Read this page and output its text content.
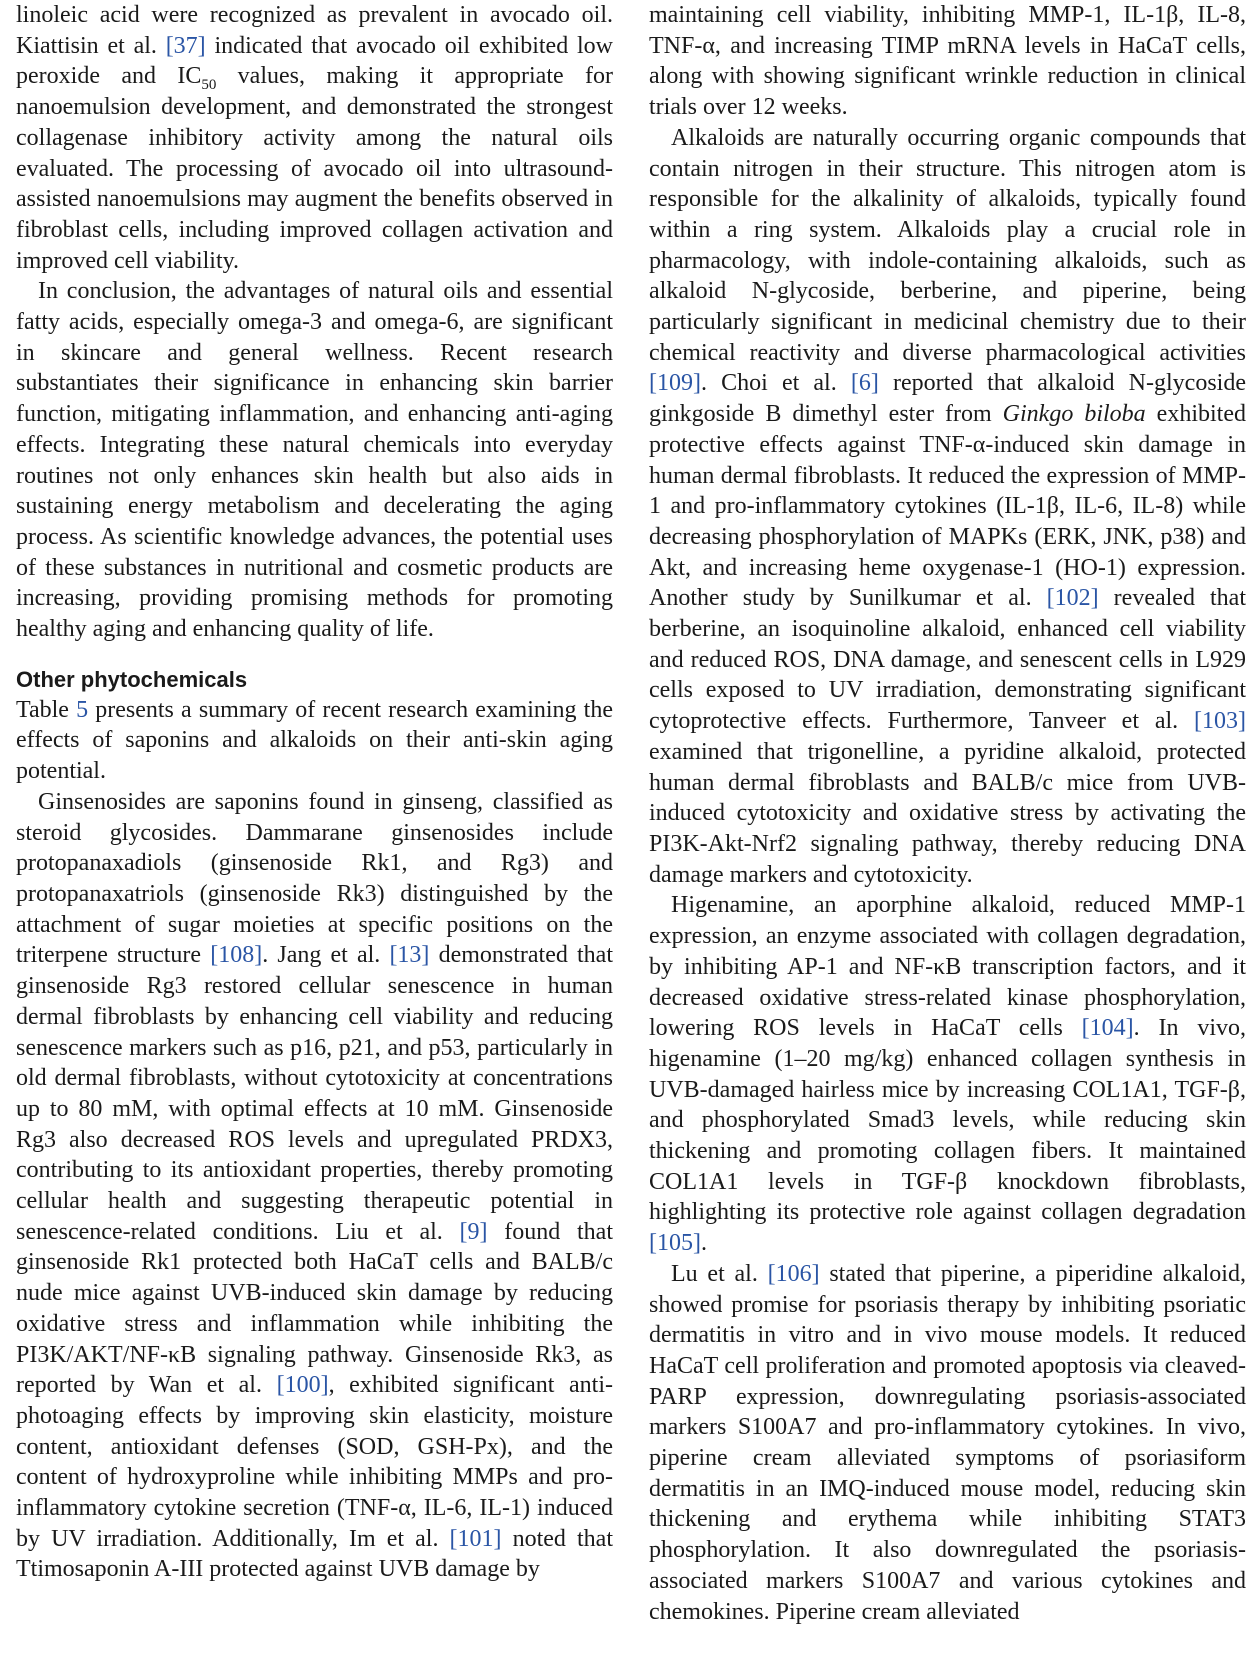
linoleic acid were recognized as prevalent in avocado oil. Kiattisin et al. [37] indicated that avocado oil exhibited low peroxide and $IC_{50}$ values, making it appropriate for nanoemulsion development, and demonstrated the strongest collagenase inhibitory activity among the natural oils evaluated. The processing of avocado oil into ultrasound-assisted nanoemulsions may augment the benefits observed in fibroblast cells, including improved collagen activation and improved cell viability.

In conclusion, the advantages of natural oils and essential fatty acids, especially omega-3 and omega-6, are significant in skincare and general wellness. Recent research substantiates their significance in enhancing skin barrier function, mitigating inflammation, and enhancing anti-aging effects. Integrating these natural chemicals into everyday routines not only enhances skin health but also aids in sustaining energy metabolism and decelerating the aging process. As scientific knowledge advances, the potential uses of these substances in nutritional and cosmetic products are increasing, providing promising methods for promoting healthy aging and enhancing quality of life.

Other phytochemicals

Table 5 presents a summary of recent research examining the effects of saponins and alkaloids on their anti-skin aging potential.

Ginsenosides are saponins found in ginseng, classified as steroid glycosides. Dammarane ginsenosides include protopanaxadiols (ginsenoside Rk1, and Rg3) and protopanaxatriols (ginsenoside Rk3) distinguished by the attachment of sugar moieties at specific positions on the triterpene structure [108]. Jang et al. [13] demonstrated that ginsenoside Rg3 restored cellular senescence in human dermal fibroblasts by enhancing cell viability and reducing senescence markers such as p16, p21, and p53, particularly in old dermal fibroblasts, without cytotoxicity at concentrations up to 80 mM, with optimal effects at 10 mM. Ginsenoside Rg3 also decreased ROS levels and upregulated PRDX3, contributing to its antioxidant properties, thereby promoting cellular health and suggesting therapeutic potential in senescence-related conditions. Liu et al. [9] found that ginsenoside Rk1 protected both HaCaT cells and BALB/c nude mice against UVB-induced skin damage by reducing oxidative stress and inflammation while inhibiting the PI3K/AKT/NF-κB signaling pathway. Ginsenoside Rk3, as reported by Wan et al. [100], exhibited significant anti-photoaging effects by improving skin elasticity, moisture content, antioxidant defenses (SOD, GSH-Px), and the content of hydroxyproline while inhibiting MMPs and pro-inflammatory cytokine secretion (TNF-α, IL-6, IL-1) induced by UV irradiation. Additionally, Im et al. [101] noted that Ttimosaponin A-III protected against UVB damage by

maintaining cell viability, inhibiting MMP-1, IL-1β, IL-8, TNF-α, and increasing TIMP mRNA levels in HaCaT cells, along with showing significant wrinkle reduction in clinical trials over 12 weeks.

Alkaloids are naturally occurring organic compounds that contain nitrogen in their structure. This nitrogen atom is responsible for the alkalinity of alkaloids, typically found within a ring system. Alkaloids play a crucial role in pharmacology, with indole-containing alkaloids, such as alkaloid N-glycoside, berberine, and piperine, being particularly significant in medicinal chemistry due to their chemical reactivity and diverse pharmacological activities [109]. Choi et al. [6] reported that alkaloid N-glycoside ginkgoside B dimethyl ester from Ginkgo biloba exhibited protective effects against TNF-α-induced skin damage in human dermal fibroblasts. It reduced the expression of MMP-1 and pro-inflammatory cytokines (IL-1β, IL-6, IL-8) while decreasing phosphorylation of MAPKs (ERK, JNK, p38) and Akt, and increasing heme oxygenase-1 (HO-1) expression. Another study by Sunilkumar et al. [102] revealed that berberine, an isoquinoline alkaloid, enhanced cell viability and reduced ROS, DNA damage, and senescent cells in L929 cells exposed to UV irradiation, demonstrating significant cytoprotective effects. Furthermore, Tanveer et al. [103] examined that trigonelline, a pyridine alkaloid, protected human dermal fibroblasts and BALB/c mice from UVB-induced cytotoxicity and oxidative stress by activating the PI3K-Akt-Nrf2 signaling pathway, thereby reducing DNA damage markers and cytotoxicity.

Higenamine, an aporphine alkaloid, reduced MMP-1 expression, an enzyme associated with collagen degradation, by inhibiting AP-1 and NF-κB transcription factors, and it decreased oxidative stress-related kinase phosphorylation, lowering ROS levels in HaCaT cells [104]. In vivo, higenamine (1–20 mg/kg) enhanced collagen synthesis in UVB-damaged hairless mice by increasing COL1A1, TGF-β, and phosphorylated Smad3 levels, while reducing skin thickening and promoting collagen fibers. It maintained COL1A1 levels in TGF-β knockdown fibroblasts, highlighting its protective role against collagen degradation [105].

Lu et al. [106] stated that piperine, a piperidine alkaloid, showed promise for psoriasis therapy by inhibiting psoriatic dermatitis in vitro and in vivo mouse models. It reduced HaCaT cell proliferation and promoted apoptosis via cleaved-PARP expression, downregulating psoriasis-associated markers S100A7 and pro-inflammatory cytokines. In vivo, piperine cream alleviated symptoms of psoriasiform dermatitis in an IMQ-induced mouse model, reducing skin thickening and erythema while inhibiting STAT3 phosphorylation. It also downregulated the psoriasis-associated markers S100A7 and various cytokines and chemokines. Piperine cream alleviated
